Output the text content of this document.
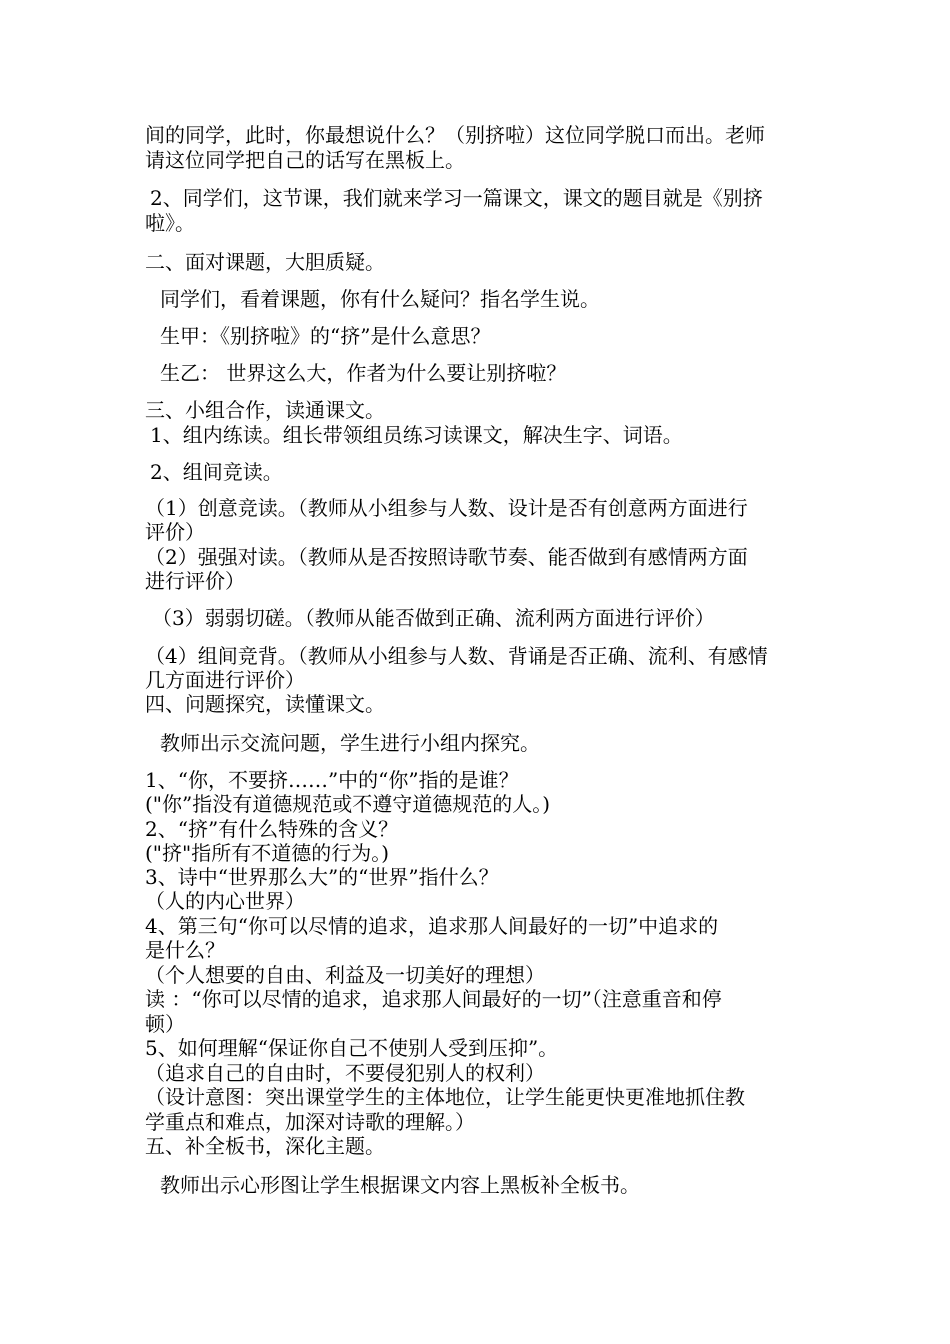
间的同学，此时，你最想说什么？（别挤啦）这位同学脱口而出。老师
请这位同学把自己的话写在黑板上。
2、同学们，这节课，我们就来学习一篇课文，课文的题目就是《别挤
啦》。
二、面对课题，大胆质疑。
同学们，看着课题，你有什么疑问？指名学生说。
生甲：《别挤啦》的“挤”是什么意思？
生乙： 世界这么大，作者为什么要让别挤啦？
三、小组合作，读通课文。
1、组内练读。组长带领组员练习读课文，解决生字、词语。
2、组间竞读。
（1）创意竞读。（教师从小组参与人数、设计是否有创意两方面进行
评价）
（2）强强对读。（教师从是否按照诗歌节奏、能否做到有感情两方面
进行评价）
（3）弱弱切磋。（教师从能否做到正确、流利两方面进行评价）
（4）组间竞背。（教师从小组参与人数、背诵是否正确、流利、有感情
几方面进行评价）
四、问题探究，读懂课文。
教师出示交流问题，学生进行小组内探究。
1、“你，不要挤……”中的“你”指的是谁？
("你”指没有道德规范或不遵守道德规范的人。)
2、“挤”有什么特殊的含义？
("挤"指所有不道德的行为。)
3、诗中“世界那么大”的“世界”指什么？
（人的内心世界）
4、第三句“你可以尽情的追求，追求那人间最好的一切”中追求的
是什么？
（个人想要的自由、利益及一切美好的理想）
读 ：“你可以尽情的追求，追求那人间最好的一切”（注意重音和停
顿）
5、如何理解“保证你自己不使别人受到压抑”。
（追求自己的自由时，不要侵犯别人的权利）
（设计意图：突出课堂学生的主体地位，让学生能更快更准地抓住教
学重点和难点，加深对诗歌的理解。）
五、补全板书，深化主题。
教师出示心形图让学生根据课文内容上黑板补全板书。
